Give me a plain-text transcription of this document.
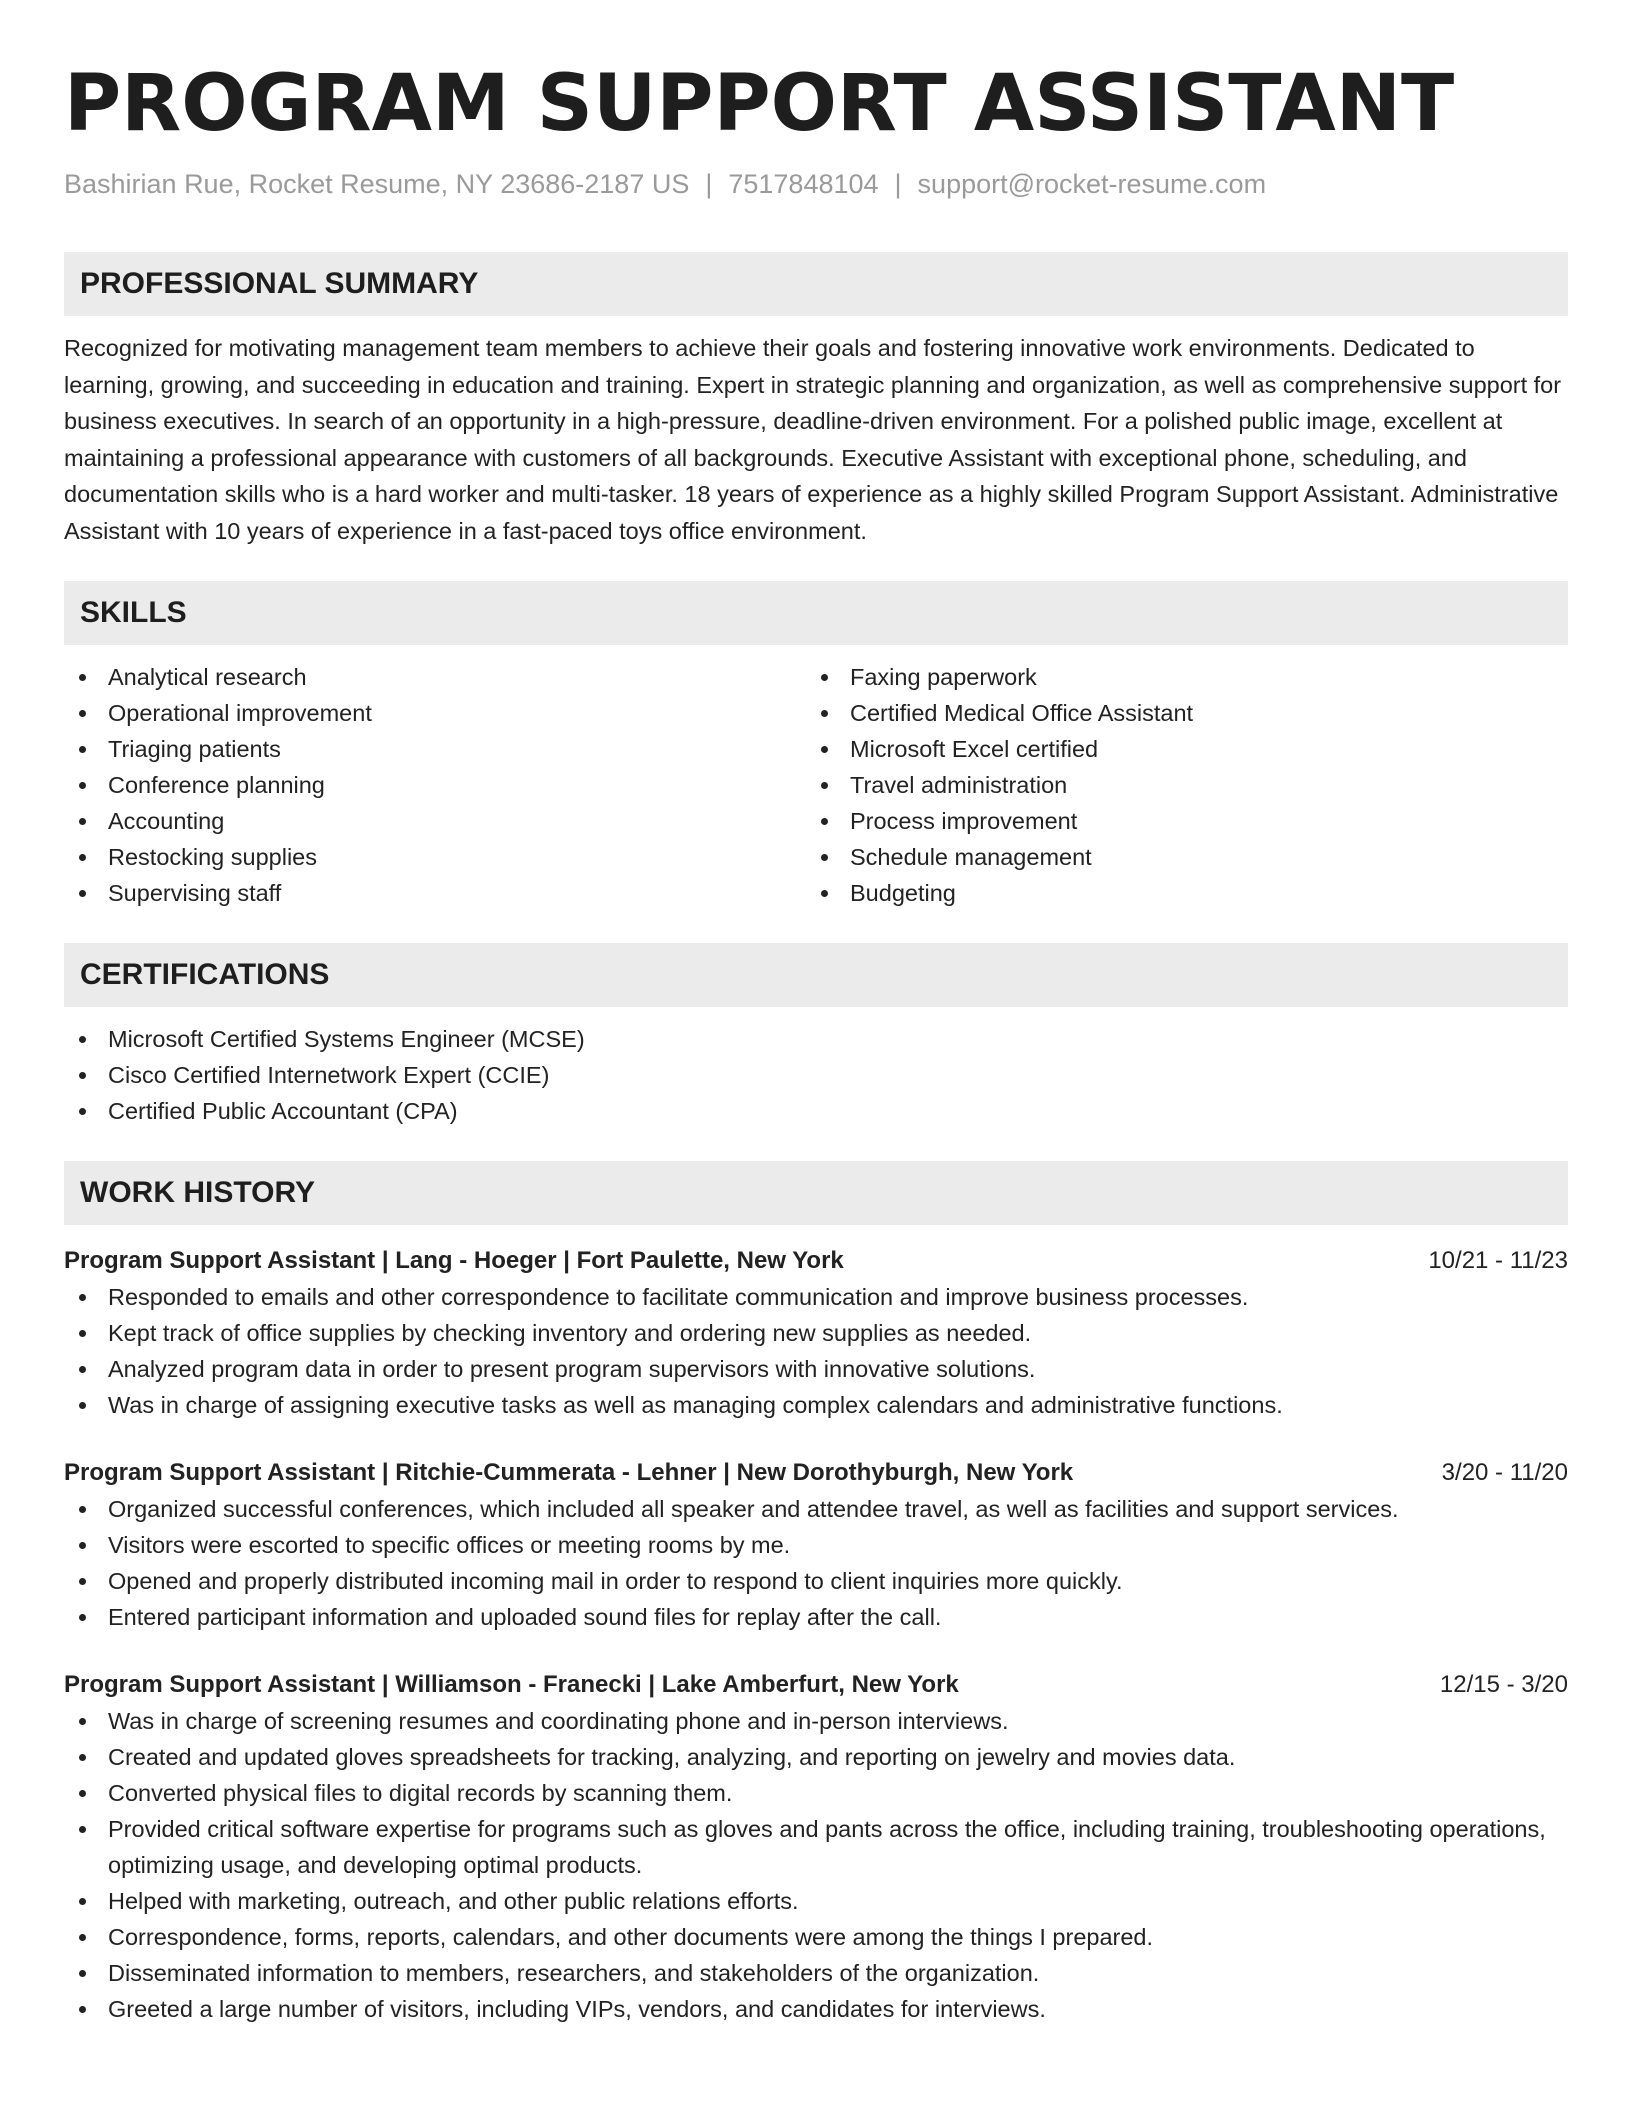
PROGRAM SUPPORT ASSISTANT
Bashirian Rue, Rocket Resume, NY 23686-2187 US | 7517848104 | support@rocket-resume.com
PROFESSIONAL SUMMARY
Recognized for motivating management team members to achieve their goals and fostering innovative work environments. Dedicated to learning, growing, and succeeding in education and training. Expert in strategic planning and organization, as well as comprehensive support for business executives. In search of an opportunity in a high-pressure, deadline-driven environment. For a polished public image, excellent at maintaining a professional appearance with customers of all backgrounds. Executive Assistant with exceptional phone, scheduling, and documentation skills who is a hard worker and multi-tasker. 18 years of experience as a highly skilled Program Support Assistant. Administrative Assistant with 10 years of experience in a fast-paced toys office environment.
SKILLS
Analytical research
Operational improvement
Triaging patients
Conference planning
Accounting
Restocking supplies
Supervising staff
Faxing paperwork
Certified Medical Office Assistant
Microsoft Excel certified
Travel administration
Process improvement
Schedule management
Budgeting
CERTIFICATIONS
Microsoft Certified Systems Engineer (MCSE)
Cisco Certified Internetwork Expert (CCIE)
Certified Public Accountant (CPA)
WORK HISTORY
Program Support Assistant | Lang - Hoeger | Fort Paulette, New York	10/21 - 11/23
Responded to emails and other correspondence to facilitate communication and improve business processes.
Kept track of office supplies by checking inventory and ordering new supplies as needed.
Analyzed program data in order to present program supervisors with innovative solutions.
Was in charge of assigning executive tasks as well as managing complex calendars and administrative functions.
Program Support Assistant | Ritchie-Cummerata - Lehner | New Dorothyburgh, New York	3/20 - 11/20
Organized successful conferences, which included all speaker and attendee travel, as well as facilities and support services.
Visitors were escorted to specific offices or meeting rooms by me.
Opened and properly distributed incoming mail in order to respond to client inquiries more quickly.
Entered participant information and uploaded sound files for replay after the call.
Program Support Assistant | Williamson - Franecki | Lake Amberfurt, New York	12/15 - 3/20
Was in charge of screening resumes and coordinating phone and in-person interviews.
Created and updated gloves spreadsheets for tracking, analyzing, and reporting on jewelry and movies data.
Converted physical files to digital records by scanning them.
Provided critical software expertise for programs such as gloves and pants across the office, including training, troubleshooting operations, optimizing usage, and developing optimal products.
Helped with marketing, outreach, and other public relations efforts.
Correspondence, forms, reports, calendars, and other documents were among the things I prepared.
Disseminated information to members, researchers, and stakeholders of the organization.
Greeted a large number of visitors, including VIPs, vendors, and candidates for interviews.
